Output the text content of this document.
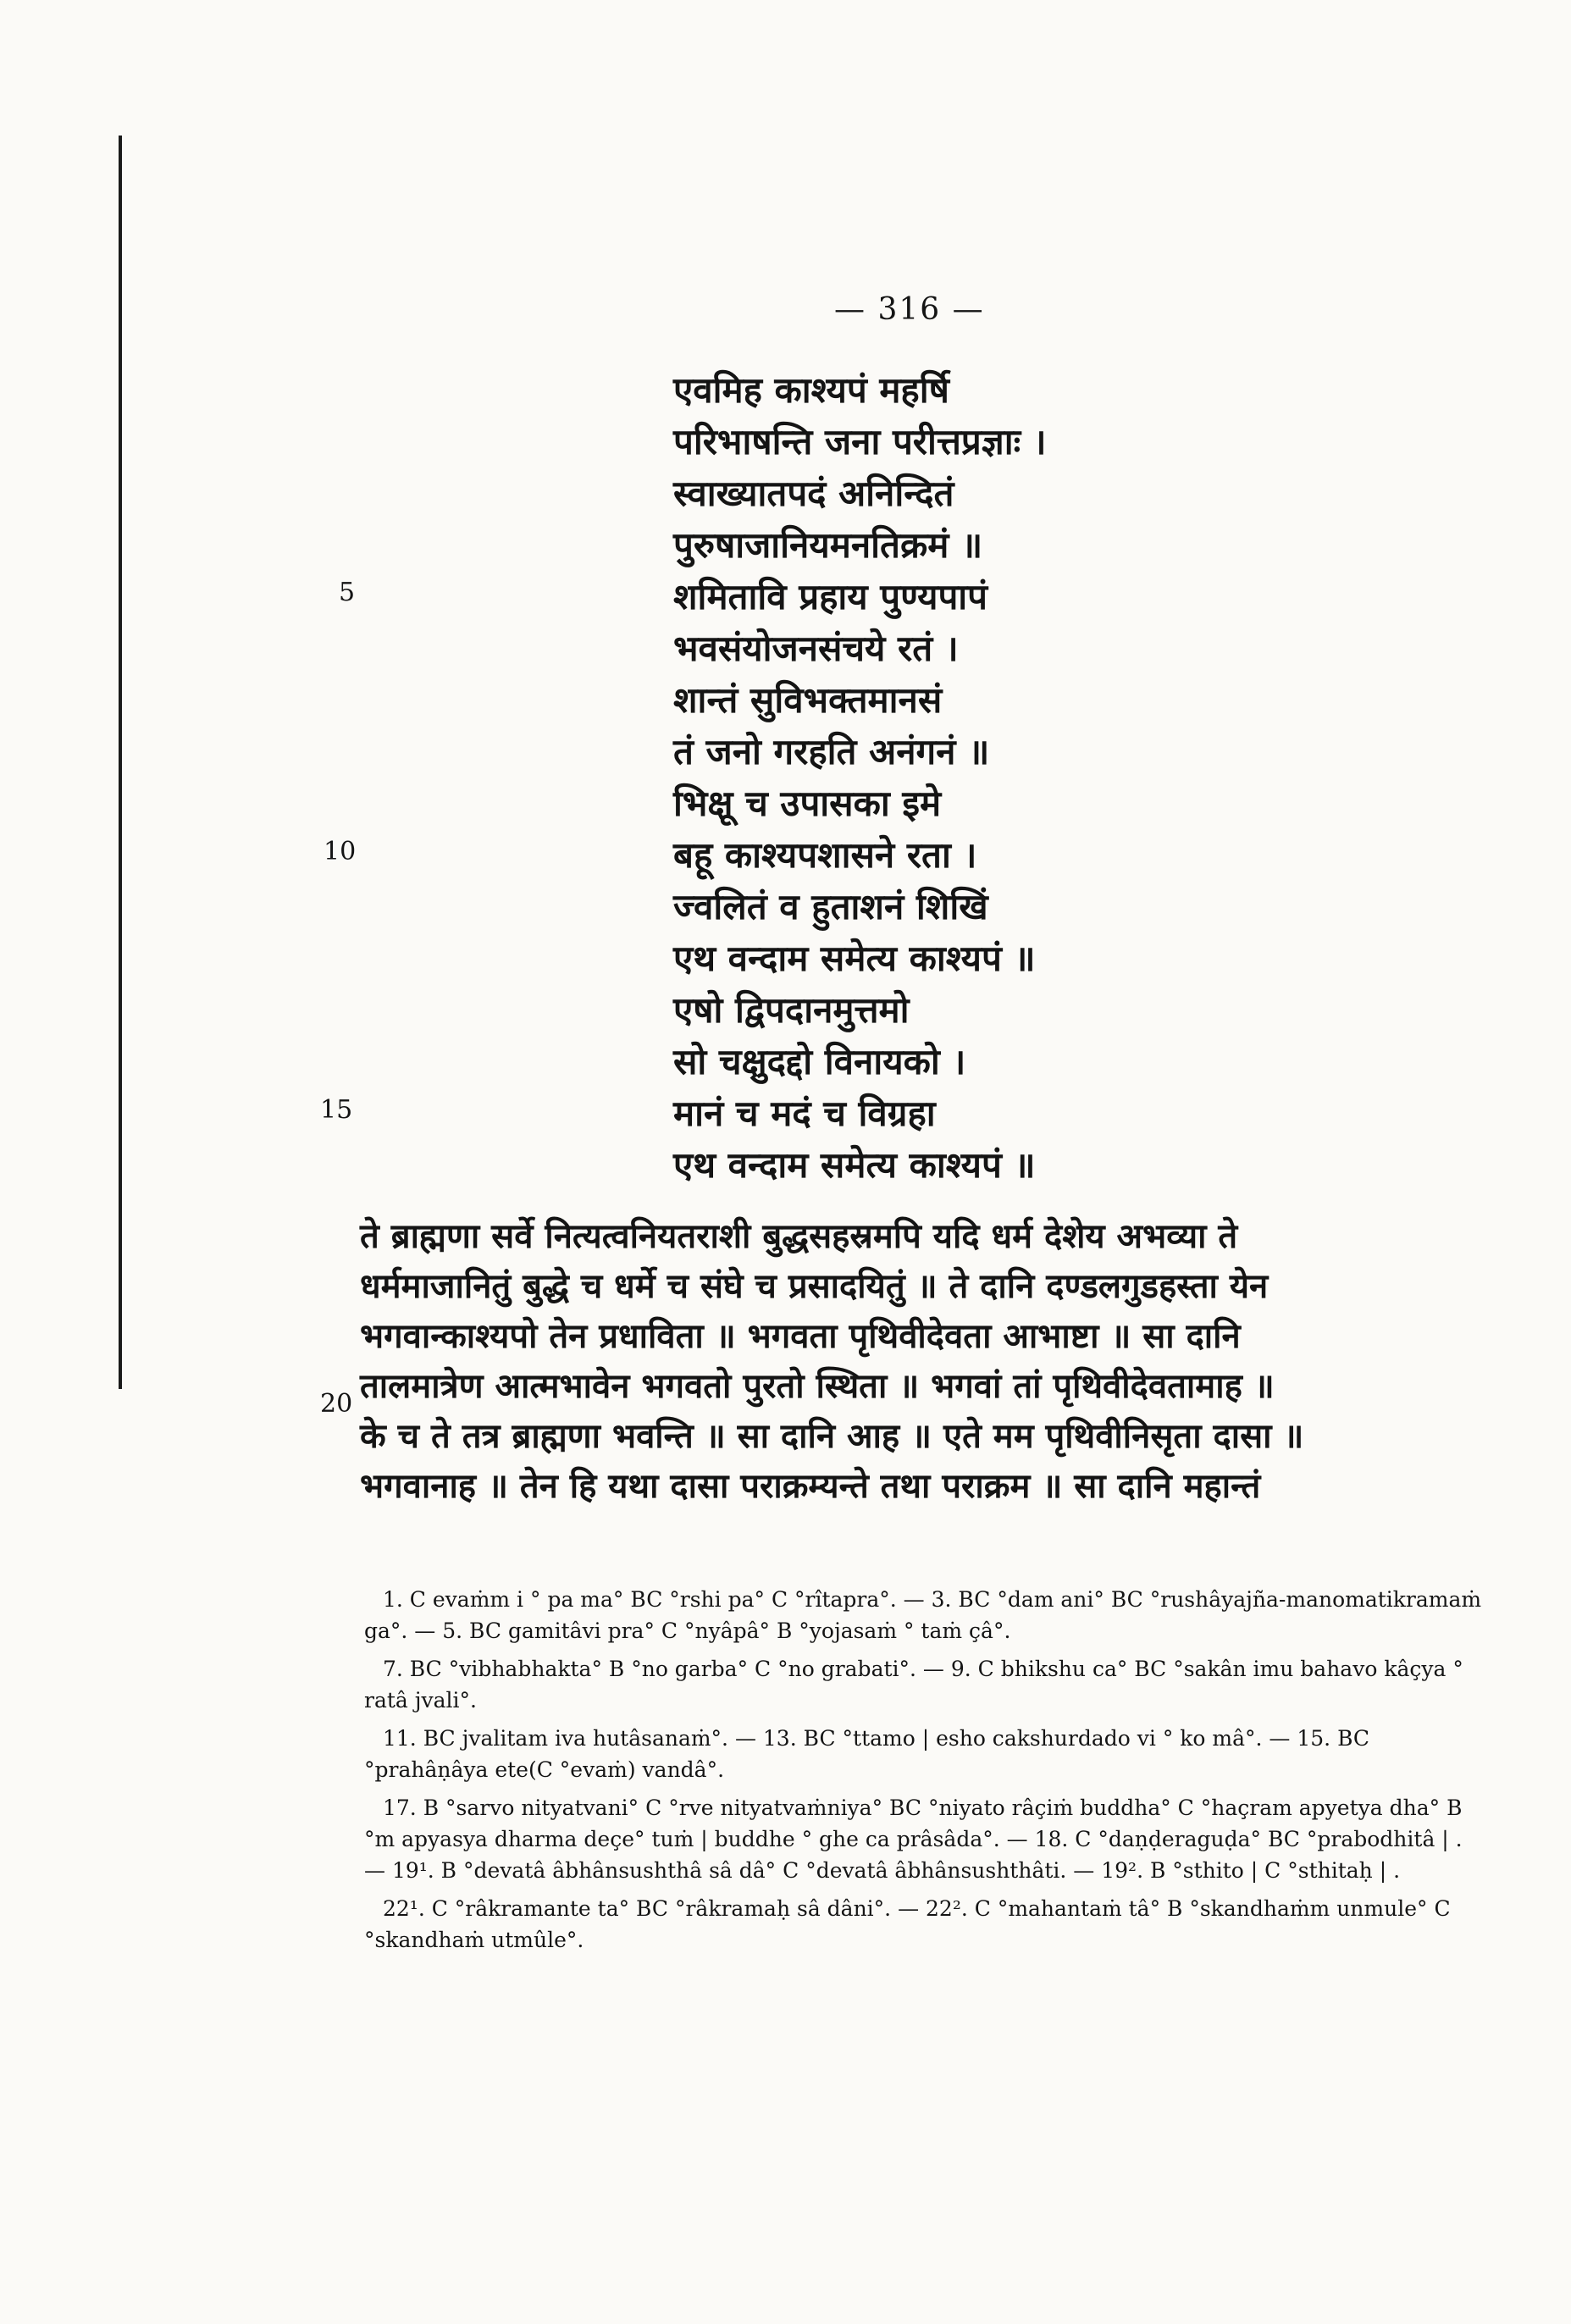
— 316 —
5
10
15
एवमिह काश्यपं महर्षि
परिभाषन्ति जना परीत्तप्रज्ञाः ।
स्वाख्यातपदं अनिन्दितं
पुरुषाजानियमनतिक्रमं ॥
शमितावि प्रहाय पुण्यपापं
भवसंयोजनसंचये रतं ।
शान्तं सुविभक्तमानसं
तं जनो गरहति अनंगनं ॥
भिक्षू च उपासका इमे
बहू काश्यपशासने रता ।
ज्वलितं व हुताशनं शिखिं
एथ वन्दाम समेत्य काश्यपं ॥
एषो द्विपदानमुत्तमो
सो चक्षुदद्दो विनायको ।
मानं च मदं च विग्रहा
एथ वन्दाम समेत्य काश्यपं ॥
20
ते ब्राह्मणा सर्वे नित्यत्वनियतराशी बुद्धसहस्रमपि यदि धर्म देशेय अभव्या ते
धर्ममाजानितुं बुद्धे च धर्मे च संघे च प्रसादयितुं ॥ ते दानि दण्डलगुडहस्ता येन
भगवान्काश्यपो तेन प्रधाविता ॥ भगवता पृथिवीदेवता आभाष्टा ॥ सा दानि
तालमात्रेण आत्मभावेन भगवतो पुरतो स्थिता ॥ भगवां तां पृथिवीदेवतामाह ॥
के च ते तत्र ब्राह्मणा भवन्ति ॥ सा दानि आह ॥ एते मम पृथिवीनिसृता दासा ॥
भगवानाह ॥ तेन हि यथा दासा पराक्रम्यन्ते तथा पराक्रम ॥ सा दानि महान्तं
1. C evaṁm i ° pa ma° BC °rshi pa° C °rîtapra°. — 3. BC °dam ani° BC °rushâyajña-manomatikramaṁ ga°. — 5. BC gamitâvi pra° C °nyâpâ° B °yojasaṁ ° taṁ çâ°.
7. BC °vibhabhakta° B °no garba° C °no grabati°. — 9. C bhikshu ca° BC °sakân imu bahavo kâçya ° ratâ jvali°.
11. BC jvalitam iva hutâsanaṁ°. — 13. BC °ttamo | esho cakshurdado vi ° ko mâ°. — 15. BC °prahâṇâya ete(C °evaṁ) vandâ°.
17. B °sarvo nityatvani° C °rve nityatvaṁniya° BC °niyato râçiṁ buddha° C °haçram apyetya dha° B °m apyasya dharma deçe° tuṁ | buddhe ° ghe ca prâsâda°. — 18. C °daṇḍeraguḍa° BC °prabodhitâ | . — 19¹. B °devatâ âbhânsushthâ sâ dâ° C °devatâ âbhânsushthâti. — 19². B °sthito | C °sthitaḥ | .
22¹. C °râkramante ta° BC °râkramaḥ sâ dâni°. — 22². C °mahantaṁ tâ° B °skandhaṁm unmule° C °skandhaṁ utmûle°.
